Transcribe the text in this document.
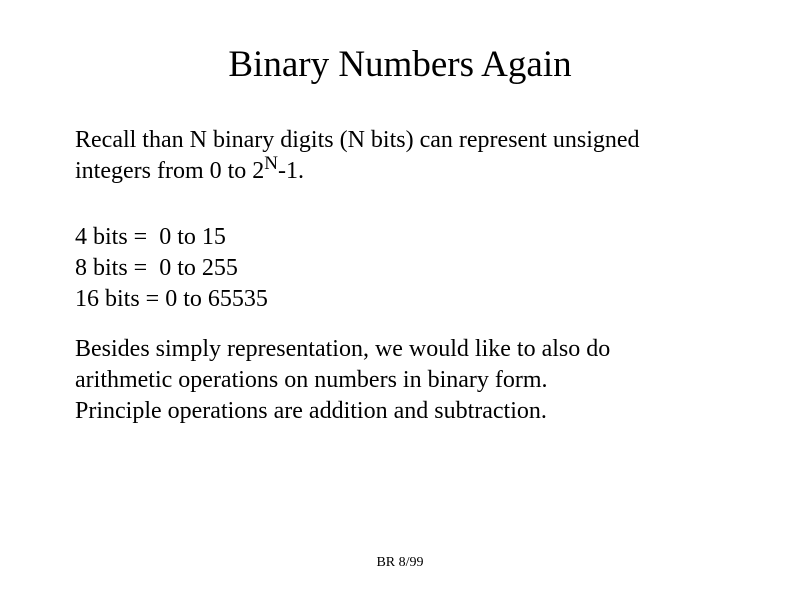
Binary Numbers Again
Recall than N binary digits (N bits) can represent unsigned
integers from 0 to $2^N-1$.
4 bits =  0 to 15
8 bits =  0 to 255
16 bits = 0 to 65535
Besides simply representation, we would like to also do
arithmetic operations on numbers in binary form.
Principle operations are addition and subtraction.
BR 8/99
